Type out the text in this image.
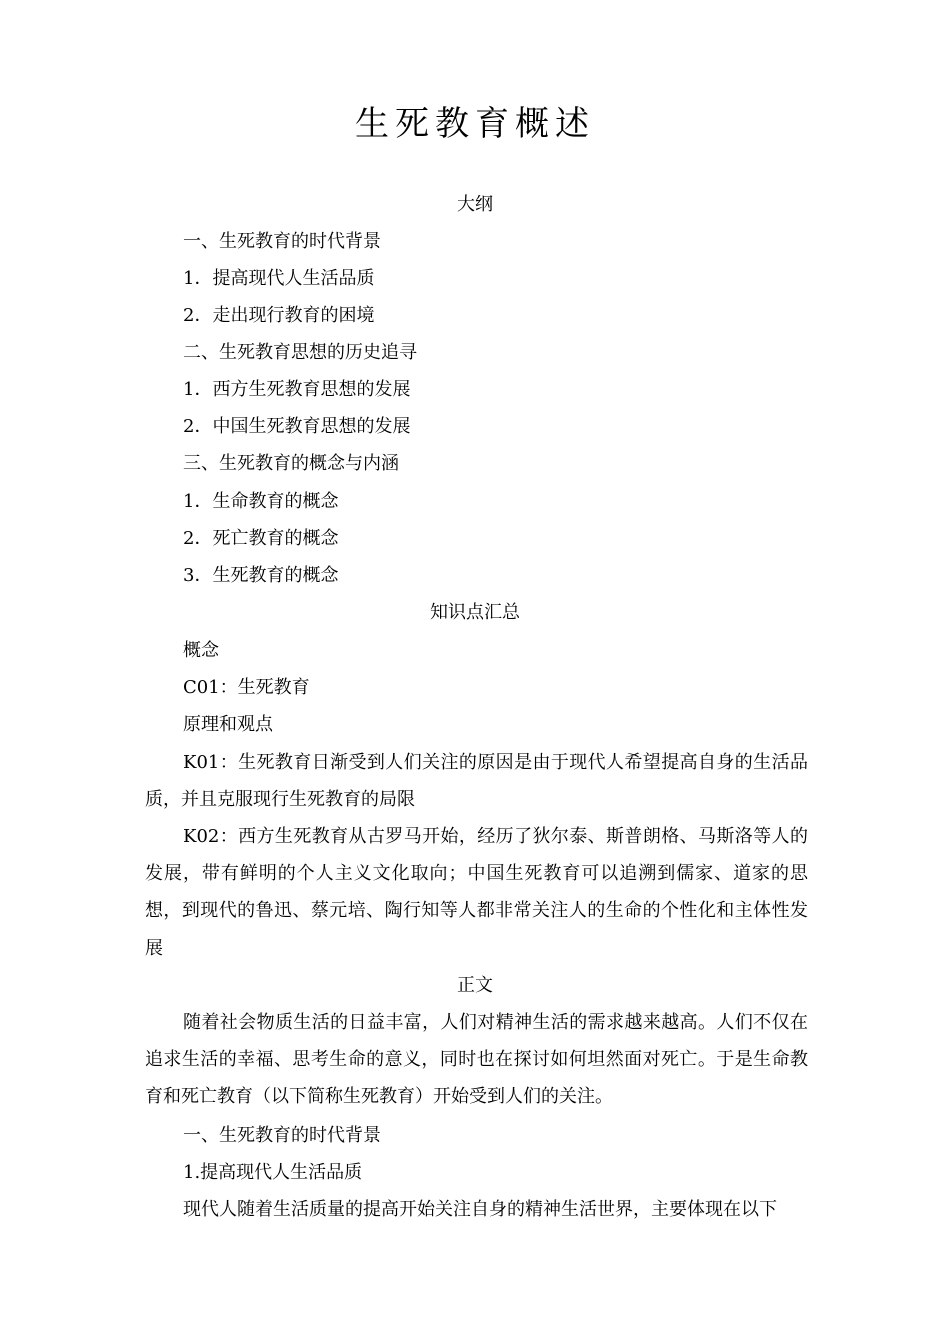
生死教育概述
大纲
一、生死教育的时代背景
1．提高现代人生活品质
2．走出现行教育的困境
二、生死教育思想的历史追寻
1．西方生死教育思想的发展
2．中国生死教育思想的发展
三、生死教育的概念与内涵
1．生命教育的概念
2．死亡教育的概念
3．生死教育的概念
知识点汇总
概念
C01：生死教育
原理和观点
K01：生死教育日渐受到人们关注的原因是由于现代人希望提高自身的生活品质，并且克服现行生死教育的局限
K02：西方生死教育从古罗马开始，经历了狄尔泰、斯普朗格、马斯洛等人的发展，带有鲜明的个人主义文化取向；中国生死教育可以追溯到儒家、道家的思想，到现代的鲁迅、蔡元培、陶行知等人都非常关注人的生命的个性化和主体性发展
正文
随着社会物质生活的日益丰富，人们对精神生活的需求越来越高。人们不仅在追求生活的幸福、思考生命的意义，同时也在探讨如何坦然面对死亡。于是生命教育和死亡教育（以下简称生死教育）开始受到人们的关注。
一、生死教育的时代背景
1.提高现代人生活品质
现代人随着生活质量的提高开始关注自身的精神生活世界，主要体现在以下
